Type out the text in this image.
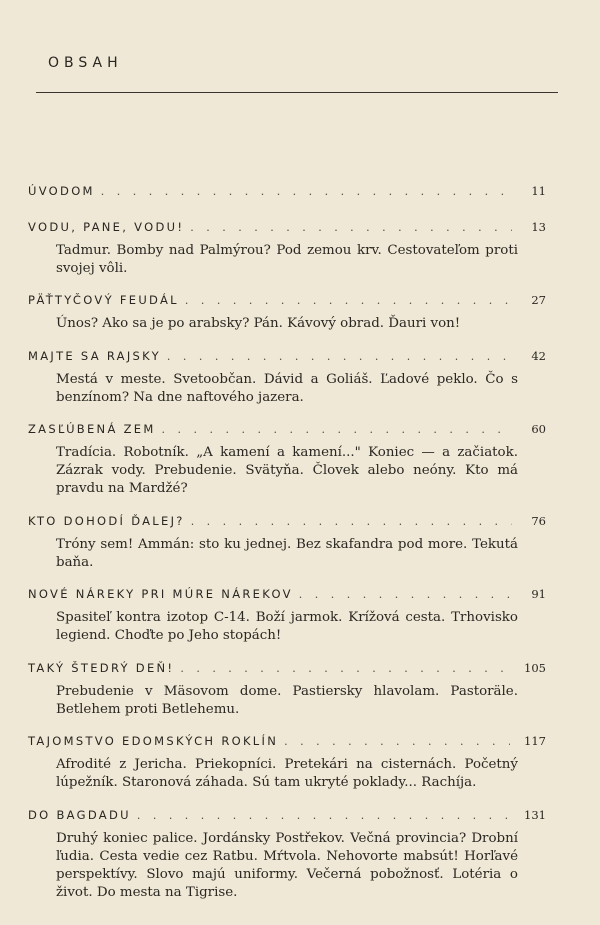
OBSAH
ÚVODOM . . .	11
VODU, PANE, VODU! . . .	13
Tadmur. Bomby nad Palmýrou? Pod zemou krv. Cestovateľom proti svojej vôli.
PÄŤTYČOVÝ FEUDÁL . . .	27
Únos? Ako sa je po arabsky? Pán. Kávový obrad. Ďauri von!
MAJTE SA RAJSKY . . .	42
Mestá v meste. Svetoobčan. Dávid a Goliáš. Ľadové peklo. Čo s benzínom? Na dne naftového jazera.
ZASĽÚBENÁ ZEM . . .	60
Tradícia. Robotník. „A kamení a kamení..." Koniec — a začiatok. Zázrak vody. Prebudenie. Svätyňa. Človek alebo neóny. Kto má pravdu na Mardžé?
KTO DOHODÍ ĎALEJ? . . .	76
Tróny sem! Ammán: sto ku jednej. Bez skafandra pod more. Tekutá baňa.
NOVÉ NÁREKY PRI MÚRE NÁREKOV . . .	91
Spasiteľ kontra izotop C-14. Boží jarmok. Krížová cesta. Trhovisko legiend. Choďte po Jeho stopách!
TAKÝ ŠTEDRÝ DEŇ! . . .	105
Prebudenie v Mäsovom dome. Pastiersky hlavolam. Pastoräle. Betlehem proti Betlehemu.
TAJOMSTVO EDOMSKÝCH ROKLÍN . . .	117
Afrodité z Jericha. Priekopníci. Pretekári na cisternách. Početný lúpežník. Staronová záhada. Sú tam ukryté poklady... Rachíja.
DO BAGDADU . . .	131
Druhý koniec palice. Jordánsky Postřekov. Večná provincia? Drobní ľudia. Cesta vedie cez Ratbu. Mŕtvola. Nehovorte mabsút! Horľavé perspektívy. Slovo majú uniformy. Večerná pobožnosť. Lotéria o život. Do mesta na Tigrise.
